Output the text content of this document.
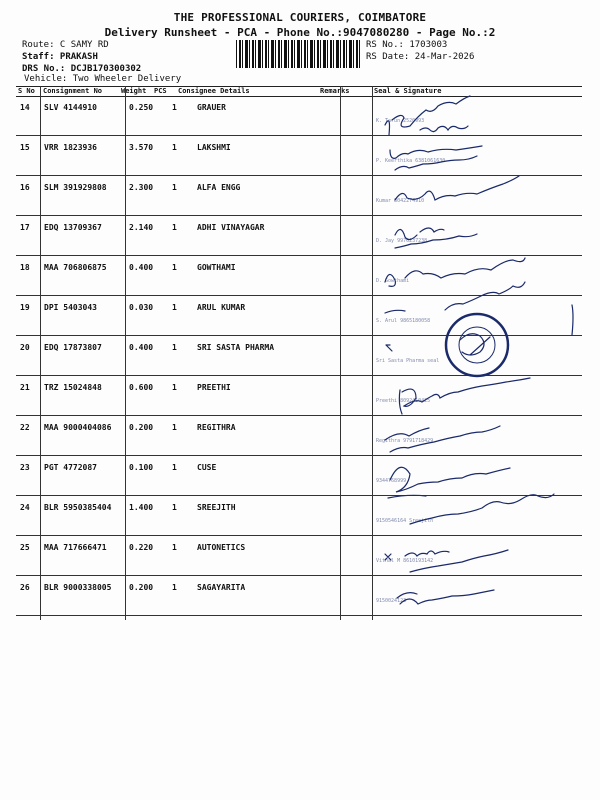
THE PROFESSIONAL COURIERS, COIMBATORE
Delivery Runsheet - PCA - Phone No.:9047080280 - Page No.:2
Route: C SAMY RD
Staff: PRAKASH
DRS No.: DCJB170300302
Vehicle: Two Wheeler Delivery
RS No.: 1703003
RS Date: 24-Mar-2026
S No Consignment No	Weight PCS Consignee Details	Remarks	Seal & Signature
14 SLV 4144910	0.250 1	GRAUER
K. Tarun 2520993
15 VRR 1823936	3.570 1	LAKSHMI
P. Keerthika 6381061630
16 SLM 391929808	2.300 1	ALFA ENGG
Kumar 8042274910
17 EDQ 13709367	2.140 1	ADHI VINAYAGAR
D. Jay 9976237238
18 MAA 706806875	0.400 1	GOWTHAMI
D. Gowthami
19 DPI 5403043	0.030 1	ARUL KUMAR
S. Arul 9865180058
20 EDQ 17873807	0.400 1	SRI SASTA PHARMA
Sri Sasta Pharma seal
21 TRZ 15024848	0.600 1	PREETHI
Preethi 8092410425
22 MAA 9000404086 0.200 1	REGITHRA
Regithra 9791718429
23 PGT 4772087	0.100 1	CUSE
9344768999
24 BLR 5950385404 1.400 1	SREEJITH
9150546164 Sreejith
25 MAA 717666471	0.220 1	AUTONETICS
Vithal M 8610193142
26 BLR 9000338005 0.200 1	SAGAYARITA
9150024123
